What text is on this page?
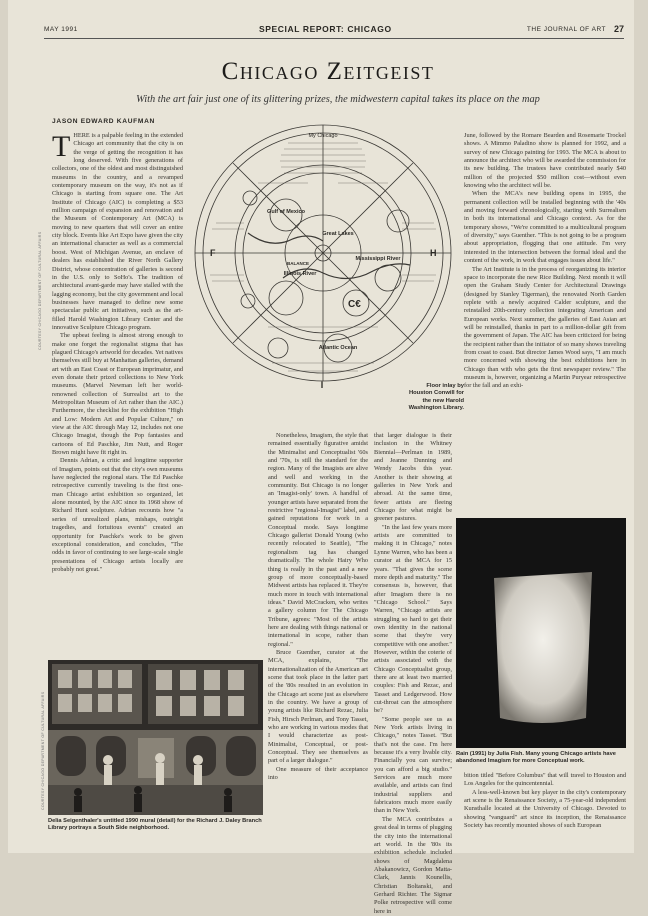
MAY 1991	SPECIAL REPORT: CHICAGO	THE JOURNAL OF ART 27
Chicago Zeitgeist
With the art fair just one of its glittering prizes, the midwestern capital takes its place on the map
JASON EDWARD KAUFMAN
COURTESY CHICAGO DEPARTMENT OF CULTURAL AFFAIRS

THERE is a palpable feeling in the extended Chicago art community that the city is on the verge of getting the recognition it has long deserved. With five generations of collectors, one of the oldest and most distinguished museums in the country, and a revamped contemporary museum on the way, it's not as if Chicago is starting from square one. The Art Institute of Chicago (AIC) is completing a $53 million campaign of expansion and renovation and the Museum of Contemporary Art (MCA) is moving to new quarters that will cover an entire city block. Events like Art Expo have given the city an international character as well as a commercial boost. West of Michigan Avenue, an enclave of dealers has established the River North Gallery District, whose concentration of galleries is second in the U.S. only to SoHo's. The tradition of architectural avant-garde may have stalled with the lagging economy, but the city government and local businesses have managed to define new some spectacular public art initiatives, such as the art-filled Harold Washington Library Center and the innovative Sculpture Chicago program.

The upbeat feeling is almost strong enough to make one forget the regionalist stigma that has plagued Chicago's artworld for decades. Yet natives themselves still buy at Manhattan galleries, demand art with an East Coast or European imprimatur, and even donate their prized collections to New York museums. (Marvel Newman left her world-renowned collection of Surrealist art to the Metropolitan Museum of Art rather than the AIC.) Furthermore, the checklist for the exhibition "High and Low: Modern Art and Popular Culture," on view at the AIC through May 12, includes not one Chicago Imagist, though the Pop fantasies and cartoons of Ed Paschke, Jim Nutt, and Roger Brown might have fit right in.

Dennis Adrian, a critic and longtime supporter of Imagism, points out that the city's own museums have neglected the regional stars. The Ed Paschke retrospective currently traveling is the first one-man Chicago artist exhibition so organized, let alone mounted, by the AIC since its 1968 show of Richard Hunt sculpture. Adrian recounts how "a series of unrealized plans, mishaps, outright tragedies, and fortuitous events" created an opportunity for Paschke's work to be given exceptional consideration, and concludes, "The odds in favor of continuing to see large-scale single presentations of Chicago artists locally are probably not great."

My Chicago
Gulf of Mexico
Great Lakes
BALANCE
Illinois River
Mississippi River
Atlantic Ocean
F	H
C€
I	Floor inlay by Houston Conwill for the new Harold Washington Library.

Nonetheless, Imagism, the style that remained essentially figurative amidst the Minimalist and Conceptualist '60s and '70s, is still the standard for the region. Many of the Imagists are alive and well and working in the community. But Chicago is no longer an 'Imagist-only' town. A handful of younger artists have separated from the restrictive "regional-Imagist" label, and gained reputations for work in a Conceptual mode. Says longtime Chicago gallerist Donald Young (who recently relocated to Seattle), "The regionalism tag has changed dramatically. The whole Hairy Who thing is really in the past and a new group of more conceptually-based Midwest artists has replaced it. They're much more in touch with international ideas." David McCracken, who writes a gallery column for The Chicago Tribune, agrees: "Most of the artists here are dealing with things national or international in scope, rather than regional."

Bruce Guenther, curator at the MCA, explains, "The internationalization of the American art scene that took place in the latter part of the '80s resulted in an evolution in the Chicago art scene just as elsewhere in the country. We have a group of young artists like Richard Rezac, Julia Fish, Hirsch Perlman, and Tony Tasset, who are working in various modes that I would characterize as post-Minimalist, Conceptual, or post-Conceptual. They see themselves as part of a larger dialogue."

One measure of their acceptance into

that larger dialogue is their inclusion in the Whitney Biennial—Perlman in 1989, and Jeanne Dunning and Wendy Jacobs this year. Another is their showing at galleries in New York and abroad. At the same time, fewer artists are fleeing Chicago for what might be greener pastures.

"In the last few years more artists are committed to making it in Chicago," notes Lynne Warren, who has been a curator at the MCA for 15 years. "That gives the scene more depth and maturity." The consensus is, however, that after Imagism there is no "Chicago School." Says Warren, "Chicago artists are struggling so hard to get their own identity in the national scene that they're very competitive with one another." However, within the coterie of artists associated with the Chicago Conceptualist group, there are at least two married couples: Fish and Rezac, and Tasset and Ledgerwood. How cut-throat can the atmosphere be?

"Some people see us as New York artists living in Chicago," notes Tasset. "But that's not the case. I'm here because it's a very livable city. Financially you can survive; you can afford a big studio." Services are much more available, and artists can find industrial suppliers and fabricators much more easily than in New York.

The MCA contributes a great deal in terms of plugging the city into the international art world. In the '80s its exhibition schedule included shows of Magdalena Abakanowicz, Gordon Matta-Clark, Jannis Kounellis, Christian Boltanski, and Gerhard Richter. The Sigmar Polke retrospective will come here in

June, followed by the Romare Bearden and Rosemarie Trockel shows. A Mimmo Paladino show is planned for 1992, and a survey of new Chicago painting for 1993. The MCA is about to announce the architect who will be awarded the commission for its new building. The trustees have contributed nearly $40 million of the projected $50 million cost—without even knowing who the architect will be.

When the MCA's new building opens in 1995, the permanent collection will be installed beginning with the '40s and moving forward chronologically, starting with Surrealism in both its international and Chicago context. As for the temporary shows, "We're committed to a multicultural program of diversity," says Guenther. "This is not going to be a program about appropriation, flogging that one attitude. I'm very interested in the intersection between the formal ideal and the content of the work, in work that engages issues about life."

The Art Institute is in the process of reorganizing its interior space to incorporate the new Rice Building. Next month it will open the Graham Study Center for Architectural Drawings (designed by Stanley Tigerman), the renovated North Garden replete with a newly acquired Calder sculpture, and the reinstalled 20th-century collection integrating American and European works. Next summer, the galleries of East Asian art will be reinstalled, thanks in part to a million-dollar gift from the government of Japan. The AIC has been criticized for being the recipient rather than the initiator of so many shows traveling from coast to coast. But director James Wood says, "I am much more concerned with showing the best exhibitions here in Chicago than with who gets the first newspaper review." The museum is, however, organizing a Martin Puryear retrospective for the fall and an exhi-

bition titled "Before Columbus" that will travel to Houston and Los Angeles for the quincentennial.

A less-well-known but key player in the city's contemporary art scene is the Renaissance Society, a 75-year-old independent Kunsthalle located at the University of Chicago. Devoted to showing "vanguard" art since its inception, the Renaissance Society has recently mounted shows of such European

COURTESY CHICAGO DEPARTMENT OF CULTURAL AFFAIRS
Delia Seigenthaler's untitled 1990 mural (detail) for the Richard J. Daley Branch Library portrays a South Side neighborhood.
Rain (1991) by Julia Fish. Many young Chicago artists have abandoned Imagism for more Conceptual work.
